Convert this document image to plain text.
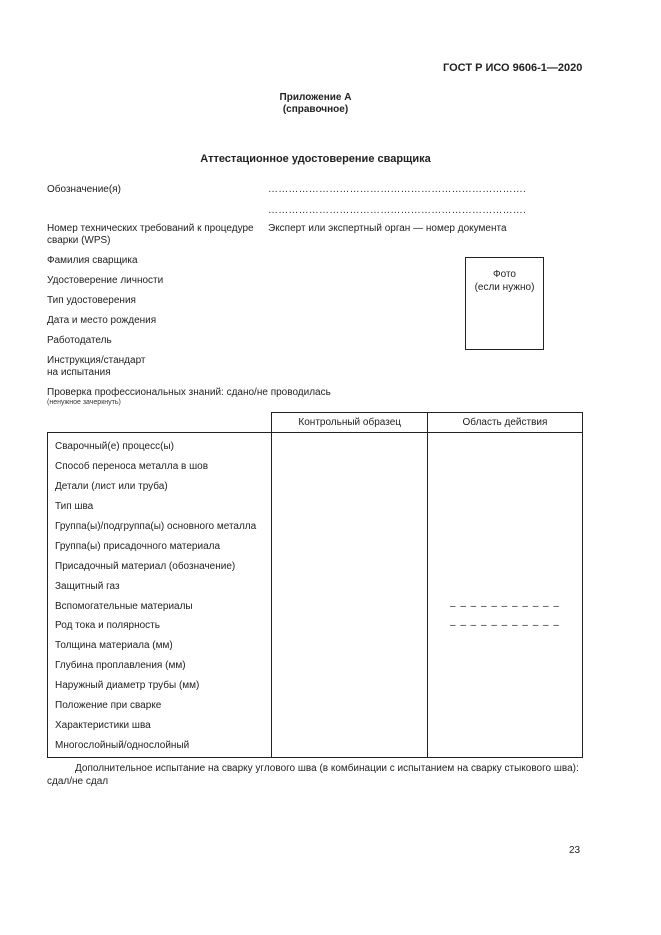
ГОСТ Р ИСО 9606-1—2020
Приложение А
(справочное)
Аттестационное удостоверение сварщика
Обозначение(я)	………………………………………………………………….
………………………………………………………………….
Номер технических требований к процедуре
сварки (WPS)
Эксперт или экспертный орган — номер документа
Фамилия сварщика
Удостоверение личности
Тип удостоверения
Дата и место рождения
Работодатель
Инструкция/стандарт
на испытания
Проверка профессиональных знаний: сдано/не проводилась
(ненужное зачеркнуть)
Фото
(если нужно)
	Контрольный образец	Область действия
Сварочный(е) процесс(ы)		
Способ переноса металла в шов		
Детали (лист или труба)		
Тип шва		
Группа(ы)/подгруппа(ы) основного металла		
Группа(ы) присадочного материала		
Присадочный материал (обозначение)		
Защитный газ		
Вспомогательные материалы		– – – – – – – – – – –
Род тока и полярность		– – – – – – – – – – –
Толщина материала (мм)		
Глубина проплавления (мм)		
Наружный диаметр трубы (мм)		
Положение при сварке		
Характеристики шва		
Многослойный/однослойный		
Дополнительное испытание на сварку углового шва (в комбинации с испытанием на сварку стыкового шва):
сдал/не сдал
23
